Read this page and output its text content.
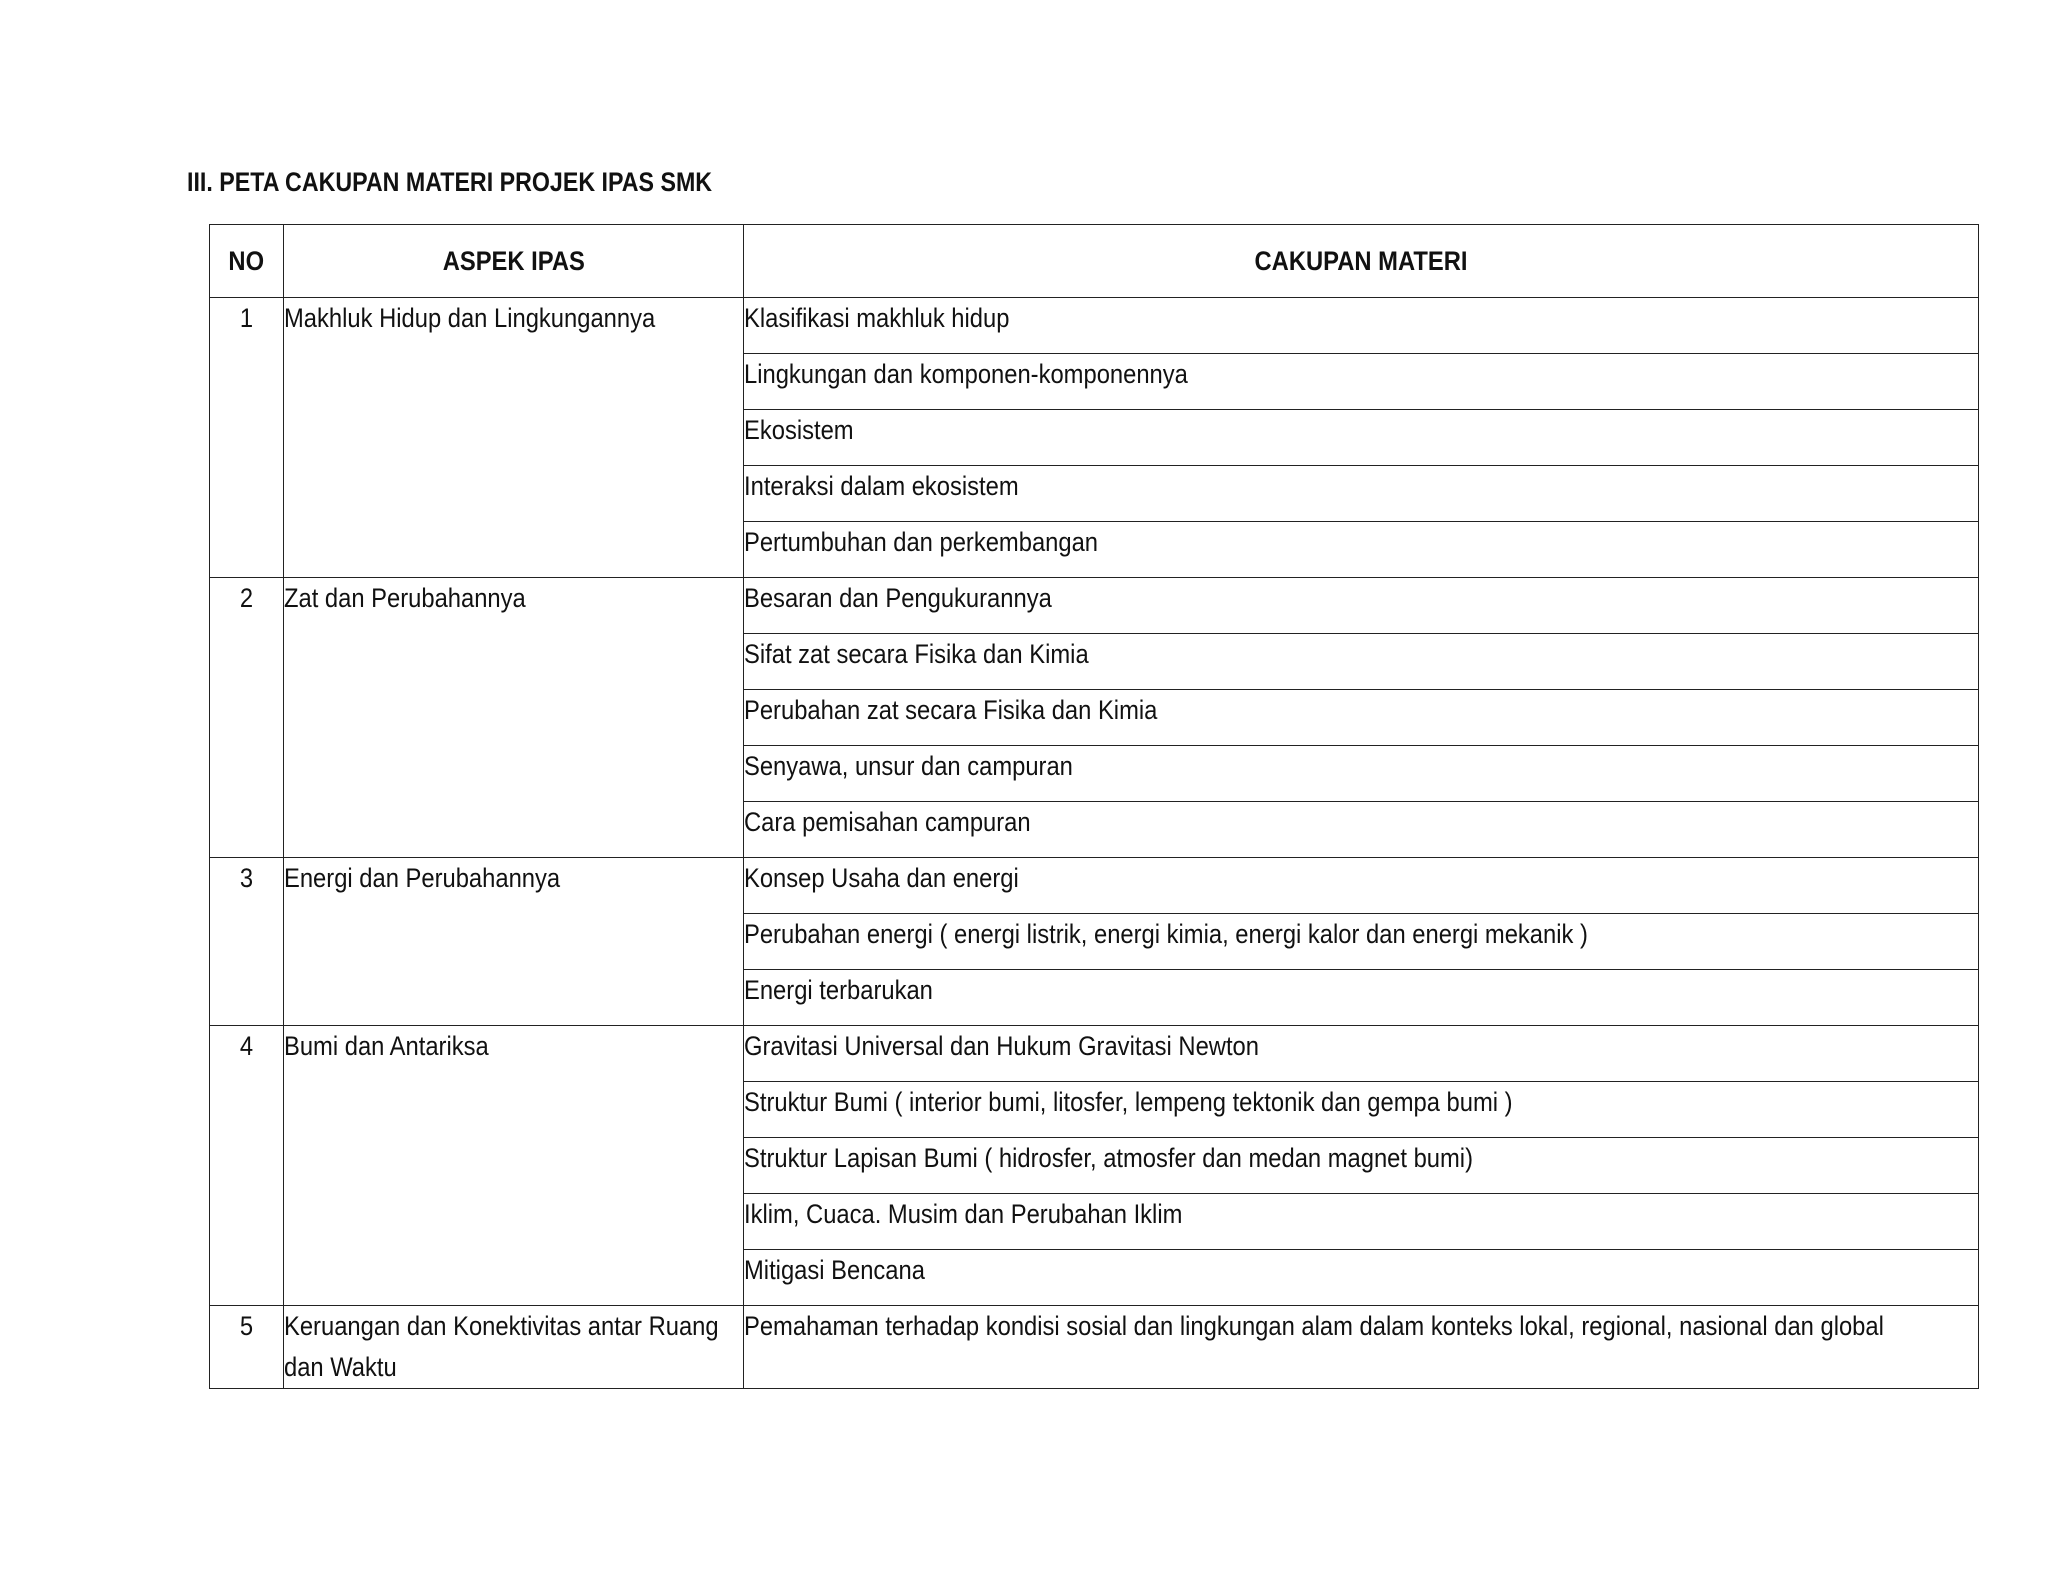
III. PETA CAKUPAN MATERI PROJEK IPAS SMK
NO	ASPEK IPAS	CAKUPAN MATERI
1	Makhluk Hidup dan Lingkungannya	Klasifikasi makhluk hidup
		Lingkungan dan komponen-komponennya
		Ekosistem
		Interaksi dalam ekosistem
		Pertumbuhan dan perkembangan
2	Zat dan Perubahannya	Besaran dan Pengukurannya
		Sifat zat secara Fisika dan Kimia
		Perubahan zat secara Fisika dan Kimia
		Senyawa, unsur dan campuran
		Cara pemisahan campuran
3	Energi dan Perubahannya	Konsep Usaha dan energi
		Perubahan energi ( energi listrik, energi kimia, energi kalor dan energi mekanik )
		Energi terbarukan
4	Bumi dan Antariksa	Gravitasi Universal dan Hukum Gravitasi Newton
		Struktur Bumi ( interior bumi, litosfer, lempeng tektonik dan gempa bumi )
		Struktur Lapisan Bumi ( hidrosfer, atmosfer dan medan magnet bumi)
		Iklim, Cuaca. Musim dan Perubahan Iklim
		Mitigasi Bencana
5	Keruangan dan Konektivitas antar Ruang dan Waktu	Pemahaman terhadap kondisi sosial dan lingkungan alam dalam konteks lokal, regional, nasional dan global
